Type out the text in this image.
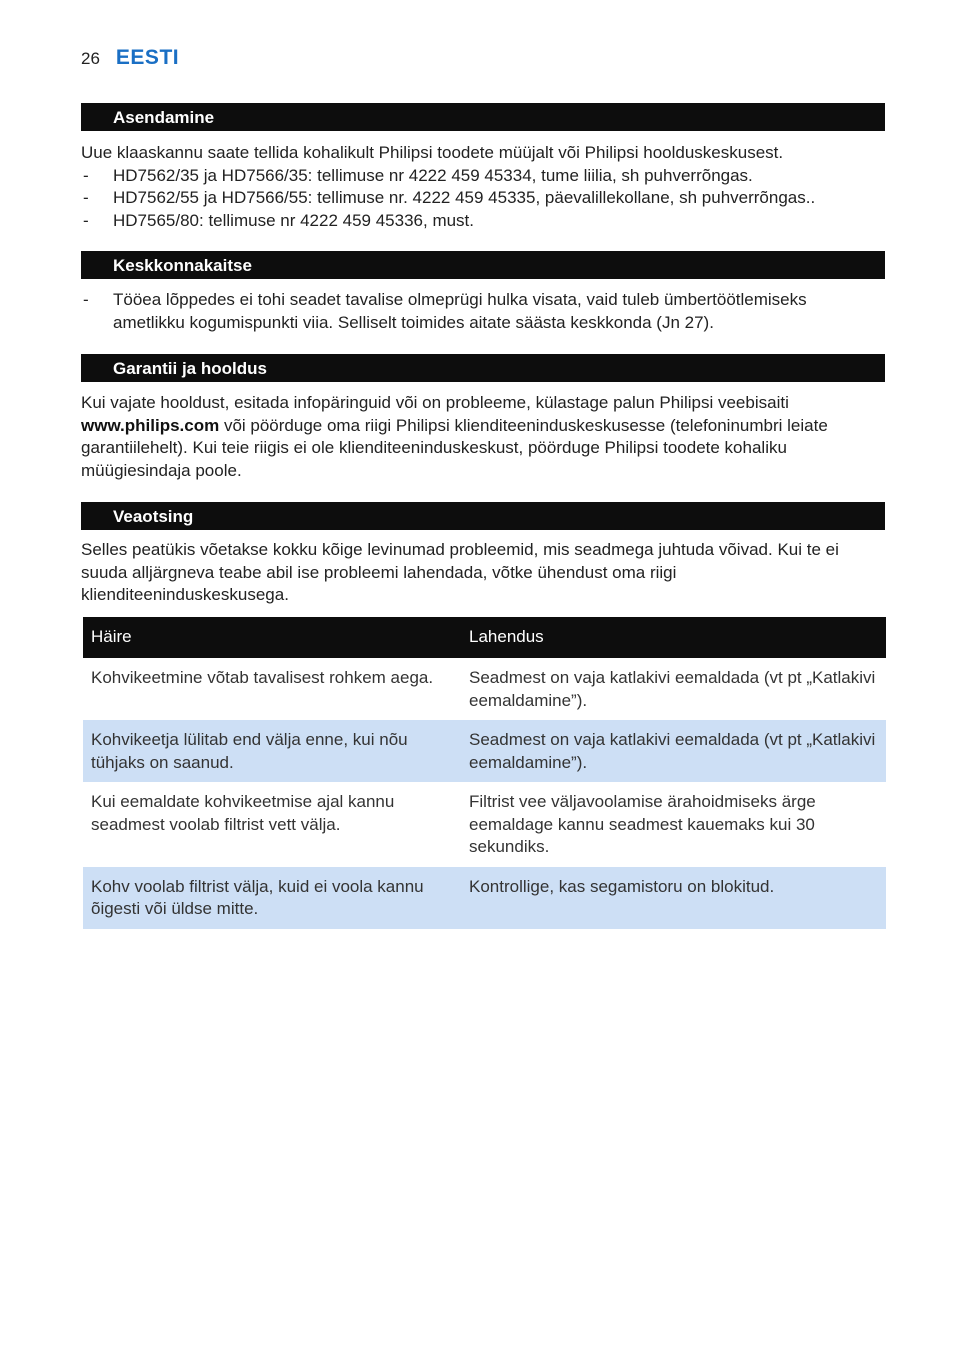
26 EESTI
Asendamine

Uue klaaskannu saate tellida kohalikult Philipsi toodete müüjalt või Philipsi hoolduskeskusest.

- HD7562/35 ja HD7566/35: tellimuse nr 4222 459 45334, tume liilia, sh puhverrõngas.
- HD7562/55 ja HD7566/55: tellimuse nr. 4222 459 45335, päevalillekollane, sh puhverrõngas..
- HD7565/80: tellimuse nr 4222 459 45336, must.
Keskkonnakaitse
- Tööea lõppedes ei tohi seadet tavalise olmeprügi hulka visata, vaid tuleb ümbertöötlemiseks ametlikku kogumispunkti viia. Selliselt toimides aitate säästa keskkonda (Jn 27).
Garantii ja hooldus

Kui vajate hooldust, esitada infopäringuid või on probleeme, külastage palun Philipsi veebisaiti www.philips.com või pöörduge oma riigi Philipsi klienditeeninduskeskusesse (telefoninumbri leiate garantiilehelt). Kui teie riigis ei ole klienditeeninduskeskust, pöörduge Philipsi toodete kohaliku müügiesindaja poole.

Veaotsing

Selles peatükis võetakse kokku kõige levinumad probleemid, mis seadmega juhtuda võivad. Kui te ei suuda alljärgneva teabe abil ise probleemi lahendada, võtke ühendust oma riigi klienditeeninduskeskusega.

Häire	Lahendus
Kohvikeetmine võtab tavalisest rohkem aega.	Seadmest on vaja katlakivi eemaldada (vt pt „Katlakivi eemaldamine”).
Kohvikeetja lülitab end välja enne, kui nõu tühjaks on saanud.	Seadmest on vaja katlakivi eemaldada (vt pt „Katlakivi eemaldamine”).
Kui eemaldate kohvikeetmise ajal kannu seadmest voolab filtrist vett välja.	Filtrist vee väljavoolamise ärahoidmiseks ärge eemaldage kannu seadmest kauemaks kui 30 sekundiks.
Kohv voolab filtrist välja, kuid ei voola kannu õigesti või üldse mitte.	Kontrollige, kas segamistoru on blokitud.
